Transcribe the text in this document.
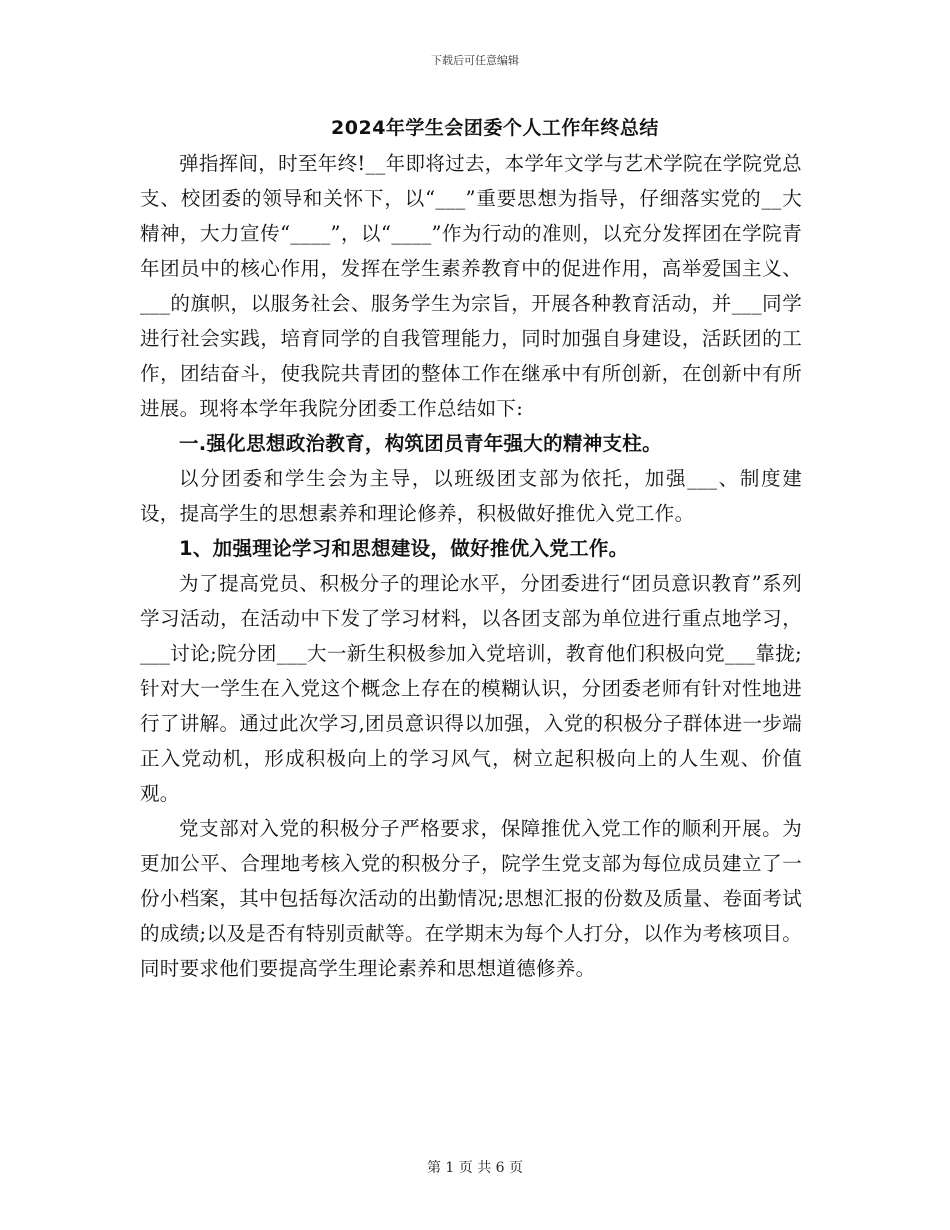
下载后可任意编辑
2024年学生会团委个人工作年终总结

弹指挥间，时至年终!__年即将过去，本学年文学与艺术学院在学院党总支、校团委的领导和关怀下，以“___”重要思想为指导，仔细落实党的__大精神，大力宣传“____”，以“____”作为行动的准则，以充分发挥团在学院青年团员中的核心作用，发挥在学生素养教育中的促进作用，高举爱国主义、___的旗帜，以服务社会、服务学生为宗旨，开展各种教育活动，并___同学进行社会实践，培育同学的自我管理能力，同时加强自身建设，活跃团的工作，团结奋斗，使我院共青团的整体工作在继承中有所创新，在创新中有所进展。现将本学年我院分团委工作总结如下:

一.强化思想政治教育，构筑团员青年强大的精神支柱。

以分团委和学生会为主导，以班级团支部为依托，加强___、制度建设，提高学生的思想素养和理论修养，积极做好推优入党工作。

1、加强理论学习和思想建设，做好推优入党工作。

为了提高党员、积极分子的理论水平，分团委进行“团员意识教育”系列学习活动，在活动中下发了学习材料，以各团支部为单位进行重点地学习，___讨论;院分团___大一新生积极参加入党培训，教育他们积极向党___靠拢;针对大一学生在入党这个概念上存在的模糊认识，分团委老师有针对性地进行了讲解。通过此次学习,团员意识得以加强，入党的积极分子群体进一步端正入党动机，形成积极向上的学习风气，树立起积极向上的人生观、价值观。

党支部对入党的积极分子严格要求，保障推优入党工作的顺利开展。为更加公平、合理地考核入党的积极分子，院学生党支部为每位成员建立了一份小档案，其中包括每次活动的出勤情况;思想汇报的份数及质量、卷面考试的成绩;以及是否有特别贡献等。在学期末为每个人打分，以作为考核项目。同时要求他们要提高学生理论素养和思想道德修养。

第 1 页 共 6 页
